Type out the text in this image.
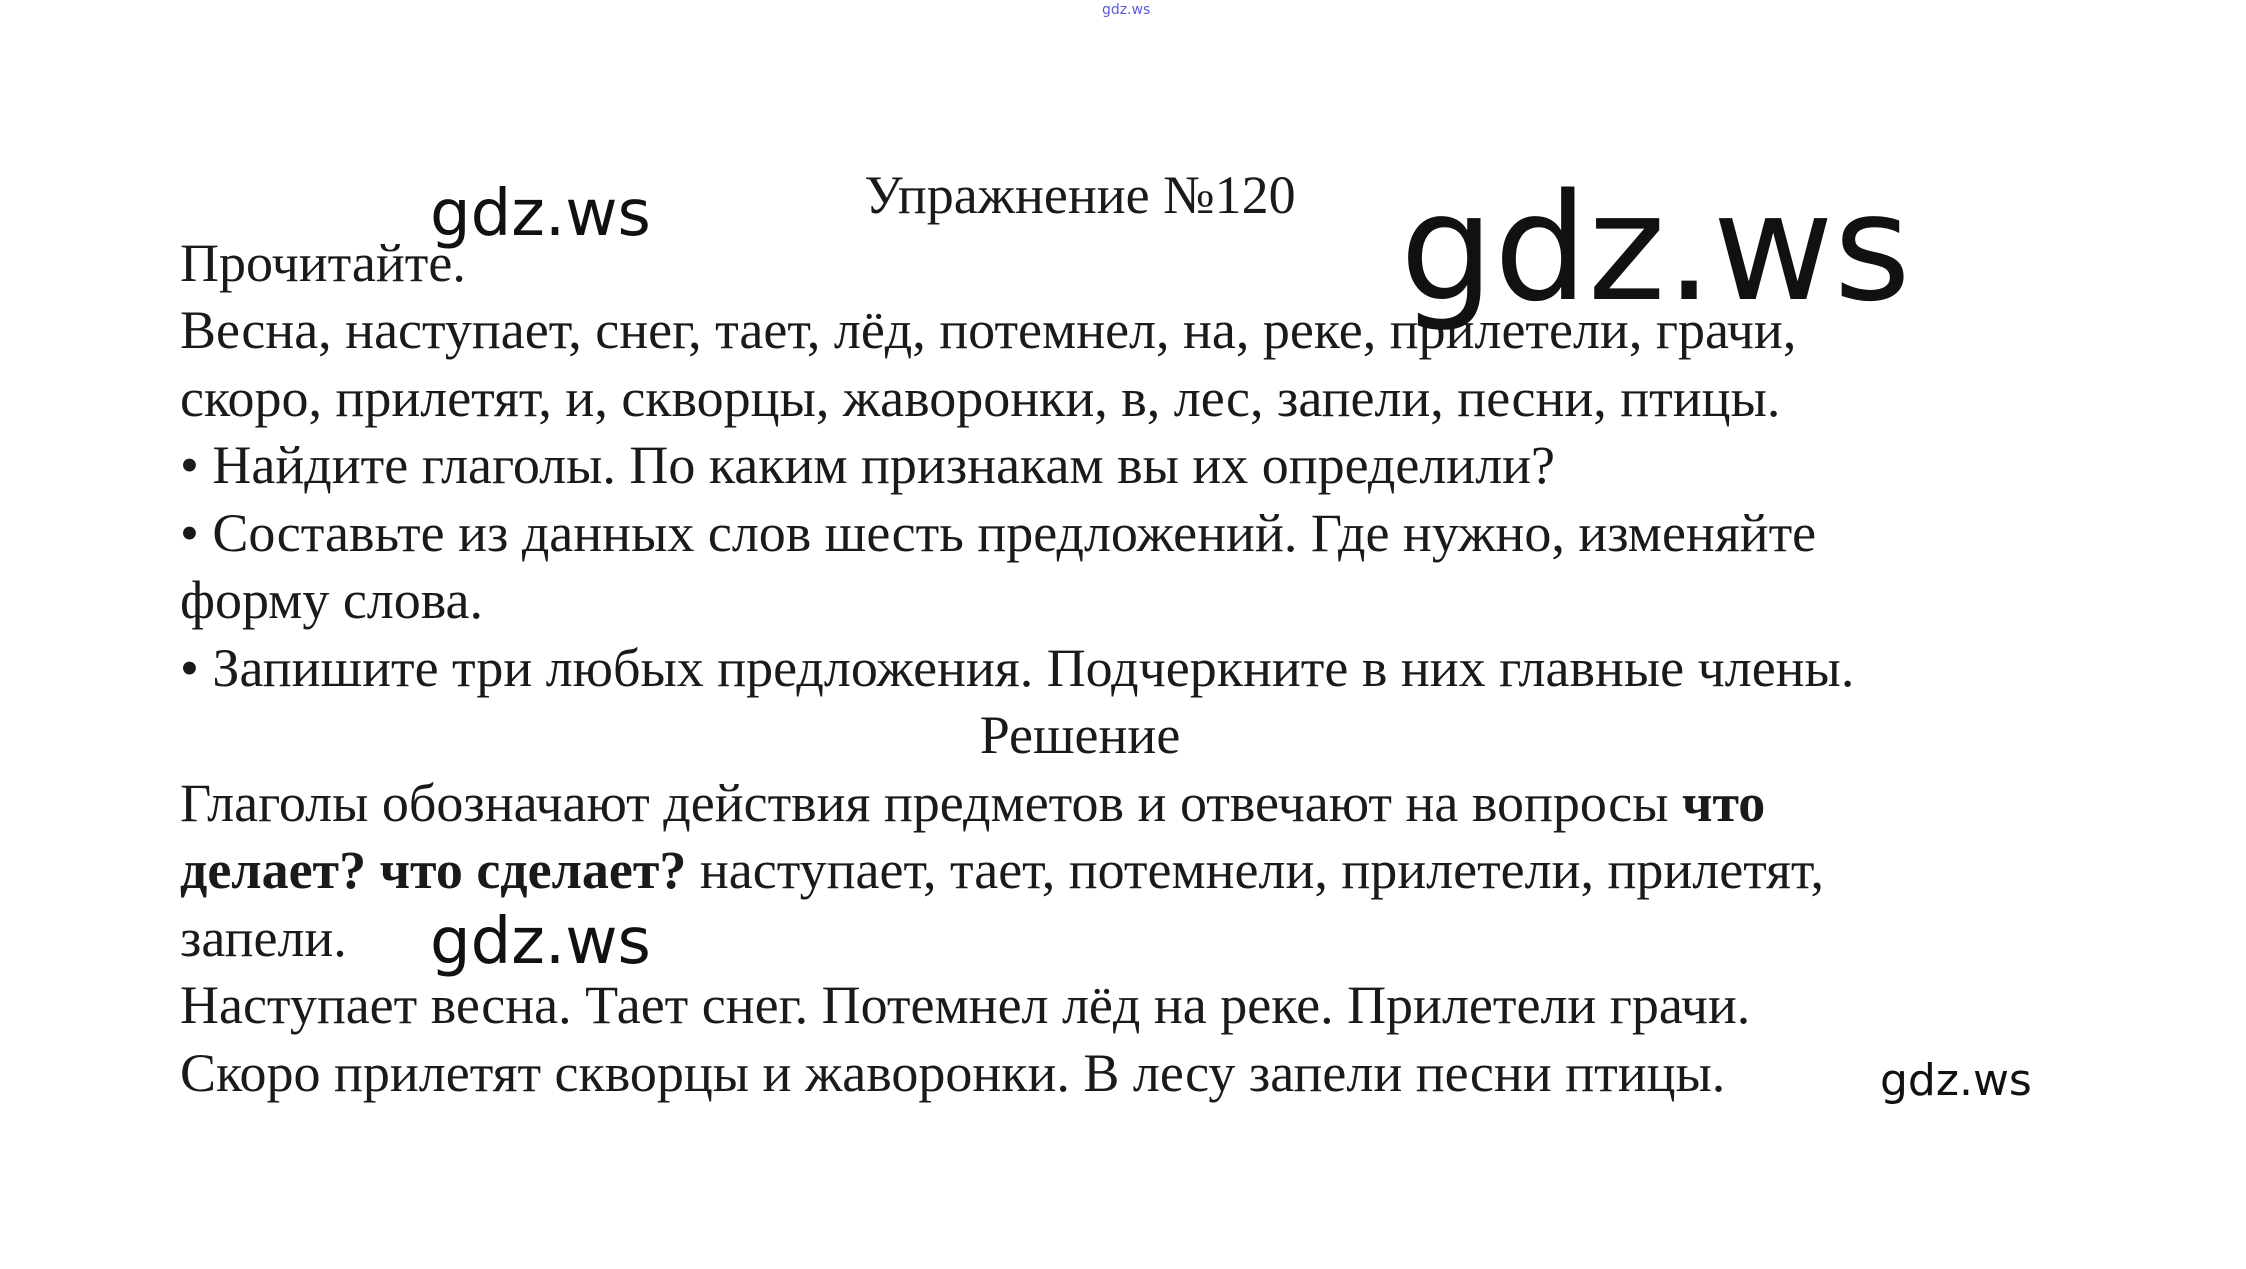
gdz.ws

Упражнение №120

Прочитайте.

Весна, наступает, снег, тает, лёд, потемнел, на, реке, прилетели, грачи,

скоро, прилетят, и, скворцы, жаворонки, в, лес, запели, песни, птицы.

• Найдите глаголы. По каким признакам вы их определили?

• Составьте из данных слов шесть предложений. Где нужно, изменяйте

форму слова.

• Запишите три любых предложения. Подчеркните в них главные члены.

Решение

Глаголы обозначают действия предметов и отвечают на вопросы что

делает? что сделает? наступает, тает, потемнели, прилетели, прилетят,

запели.

Наступает весна. Тает снег. Потемнел лёд на реке. Прилетели грачи.

Скоро прилетят скворцы и жаворонки. В лесу запели песни птицы.

gdz.ws	gdz.ws
gdz.ws
gdz.ws
